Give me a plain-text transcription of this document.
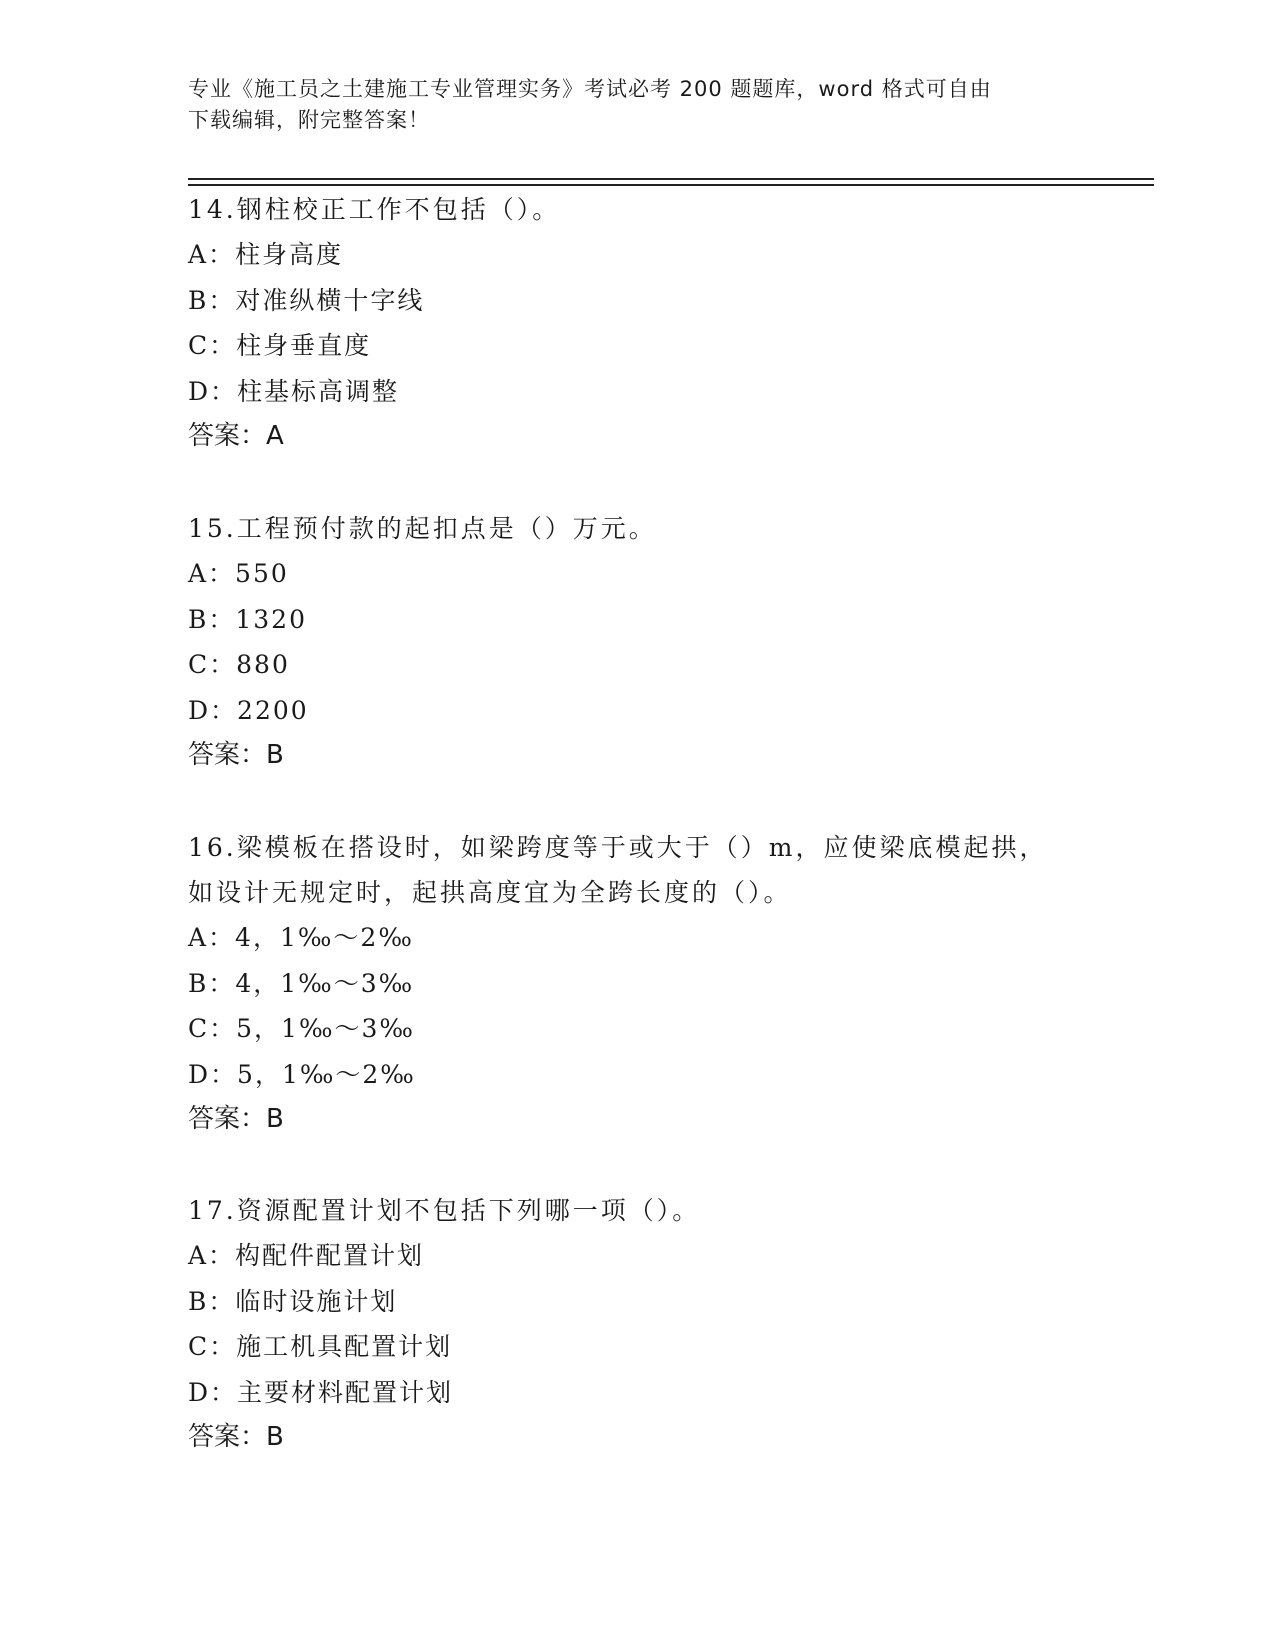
专业《施工员之土建施工专业管理实务》考试必考 200 题题库，word 格式可自由
下载编辑，附完整答案！

14.钢柱校正工作不包括（）。

A：柱身高度

B：对准纵横十字线

C：柱身垂直度

D：柱基标高调整

答案：A

15.工程预付款的起扣点是（）万元。

A：550

B：1320

C：880

D：2200

答案：B

16.梁模板在搭设时，如梁跨度等于或大于（）m，应使梁底模起拱，

如设计无规定时，起拱高度宜为全跨长度的（）。

A：4，1‰～2‰

B：4，1‰～3‰

C：5，1‰～3‰

D：5，1‰～2‰

答案：B

17.资源配置计划不包括下列哪一项（）。

A：构配件配置计划

B：临时设施计划

C：施工机具配置计划

D：主要材料配置计划

答案：B
